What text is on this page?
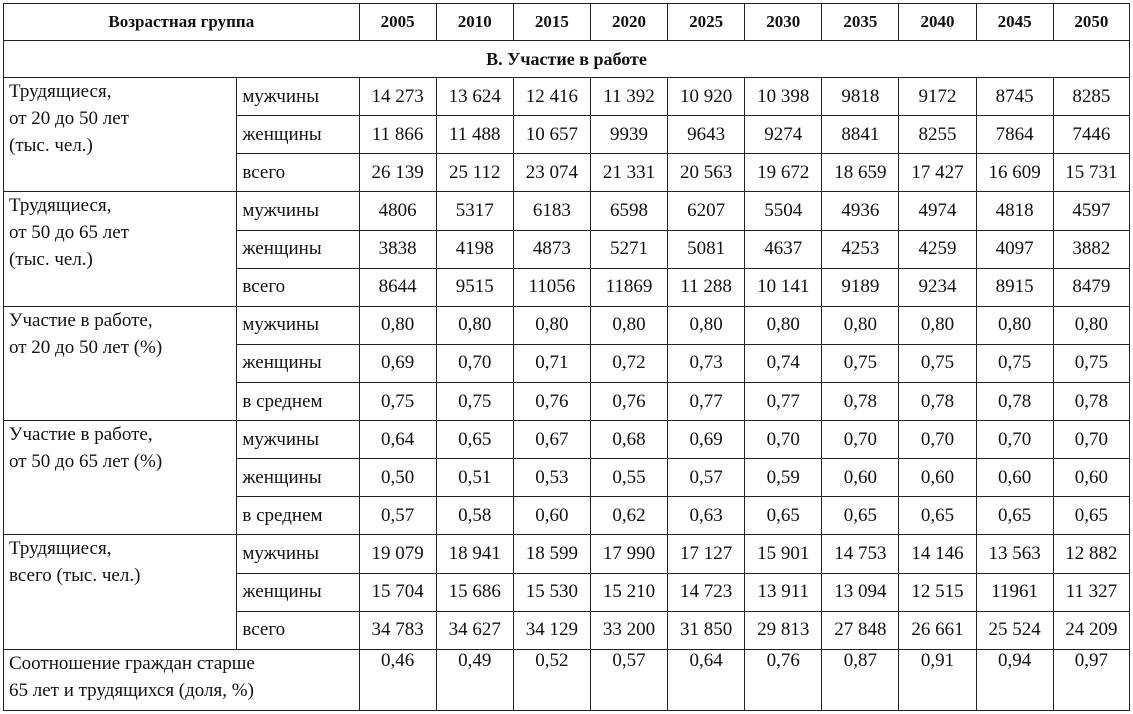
Возрастная группа		2005	2010	2015	2020	2025	2030	2035	2040	2045	2050
В. Участие в работе											

Трудящиеся,
от 20 до 50 лет
(тыс. чел.)	мужчины	14 273	13 624	12 416	11 392	10 920	10 398	9818	9172	8745	8285
	женщины	11 866	11 488	10 657	9939	9643	9274	8841	8255	7864	7446
	всего	26 139	25 112	23 074	21 331	20 563	19 672	18 659	17 427	16 609	15 731

Трудящиеся,
от 50 до 65 лет
(тыс. чел.)	мужчины	4806	5317	6183	6598	6207	5504	4936	4974	4818	4597
	женщины	3838	4198	4873	5271	5081	4637	4253	4259	4097	3882
	всего	8644	9515	11056	11869	11 288	10 141	9189	9234	8915	8479

Участие в работе,
от 20 до 50 лет (%)	мужчины	0,80	0,80	0,80	0,80	0,80	0,80	0,80	0,80	0,80	0,80
	женщины	0,69	0,70	0,71	0,72	0,73	0,74	0,75	0,75	0,75	0,75
	в среднем	0,75	0,75	0,76	0,76	0,77	0,77	0,78	0,78	0,78	0,78

Участие в работе,
от 50 до 65 лет (%)	мужчины	0,64	0,65	0,67	0,68	0,69	0,70	0,70	0,70	0,70	0,70
	женщины	0,50	0,51	0,53	0,55	0,57	0,59	0,60	0,60	0,60	0,60
	в среднем	0,57	0,58	0,60	0,62	0,63	0,65	0,65	0,65	0,65	0,65

Трудящиеся,
всего (тыс. чел.)	мужчины	19 079	18 941	18 599	17 990	17 127	15 901	14 753	14 146	13 563	12 882
	женщины	15 704	15 686	15 530	15 210	14 723	13 911	13 094	12 515	11961	11 327
	всего	34 783	34 627	34 129	33 200	31 850	29 813	27 848	26 661	25 524	24 209

Соотношение граждан старше
65 лет и трудящихся (доля, %)		0,46	0,49	0,52	0,57	0,64	0,76	0,87	0,91	0,94	0,97
